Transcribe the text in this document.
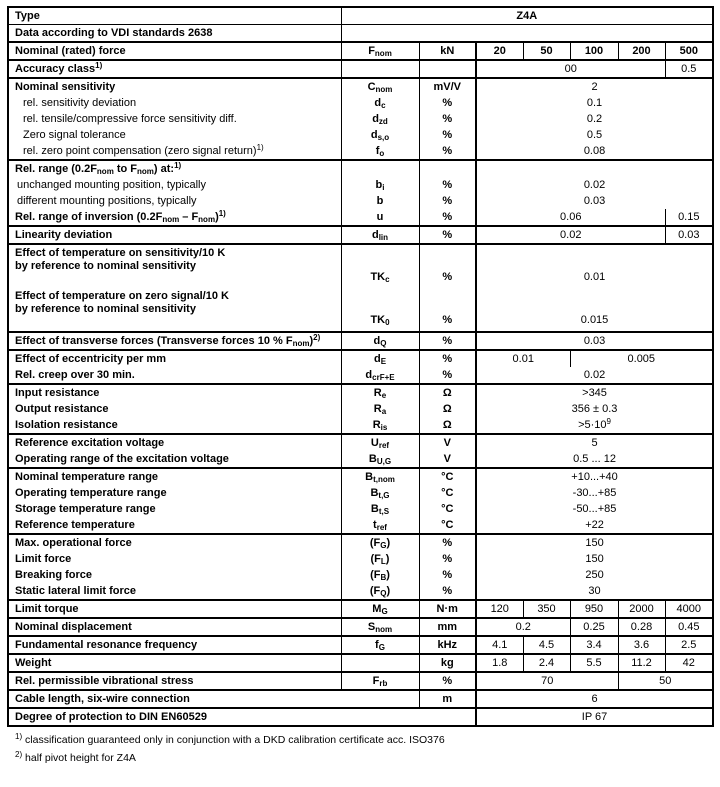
Type	Z4A						
Data according to VDI standards 2638							
Nominal (rated) force	$F_{nom}$	kN	20	50	100	200	500
Accuracy class$^{1)}$			00				0.5
Nominal sensitivity	$C_{nom}$	mV/V	2				
rel. sensitivity deviation	$d_c$	%	0.1				
rel. tensile/compressive force sensitivity diff.	$d_{zd}$	%	0.2				
Zero signal tolerance	$d_{s,o}$	%	0.5				
rel. zero point compensation (zero signal return)$^{1)}$	$f_o$	%	0.08				
Rel. range ($0.2F_{nom}$ to $F_{nom}$) at:$^{1)}$			
unchanged mounting position, typically	$b_i$	%	0.02				
different mounting positions, typically	b	%	0.03				
Rel. range of inversion $(0.2F_{nom} - F_{nom})^{1)}$	u	%	0.06				0.15
Linearity deviation	$d_{lin}$	%	0.02				0.03
Effect of temperature on sensitivity/10 K
by reference to nominal sensitivity	$TK_c$	%	0.01				
Effect of temperature on zero signal/10 K
by reference to nominal sensitivity	$TK_0$	%	0.015				
Effect of transverse forces (Transverse forces 10 % $F_{nom})^{2)}$	$d_Q$	%	0.03				
Effect of eccentricity per mm	$d_E$	%	0.01		0.005		
Rel. creep over 30 min.	$d_{crF+E}$	%	0.02				
Input resistance	$R_e$	Ω	>345				
Output resistance	$R_a$	Ω	356 ± 0.3				
Isolation resistance	$R_{is}$	Ω	$>5\cdot 10^9$
Reference excitation voltage	$U_{ref}$	V	5				
Operating range of the excitation voltage	$B_{U,G}$	V	0.5 ... 12				
Nominal temperature range	$B_{t,nom}$	°C	+10...+40				
Operating temperature range	$B_{t,G}$	°C	-30...+85				
Storage temperature range	$B_{t,S}$	°C	-50...+85				
Reference temperature	$t_{ref}$	°C	+22				
Max. operational force	$(F_G)$	%	150				
Limit force	$(F_L)$	%	150				
Breaking force	$(F_B)$	%	250				
Static lateral limit force	$(F_Q)$	%	30				
Limit torque	$M_G$	N·m	120	350	950	2000	4000
Nominal displacement	$S_{nom}$	mm	0.2		0.25	0.28	0.45
Fundamental resonance frequency	$f_G$	kHz	4.1	4.5	3.4	3.6	2.5
Weight		kg	1.8	2.4	5.5	11.2	42
Rel. permissible vibrational stress	$F_{rb}$	%	70			50	
Cable length, six-wire connection		m	6				
Degree of protection to DIN EN60529			IP 67				
$^{1)}$ classification guaranteed only in conjunction with a DKD calibration certificate acc. ISO376
$^{2)}$ half pivot height for Z4A
